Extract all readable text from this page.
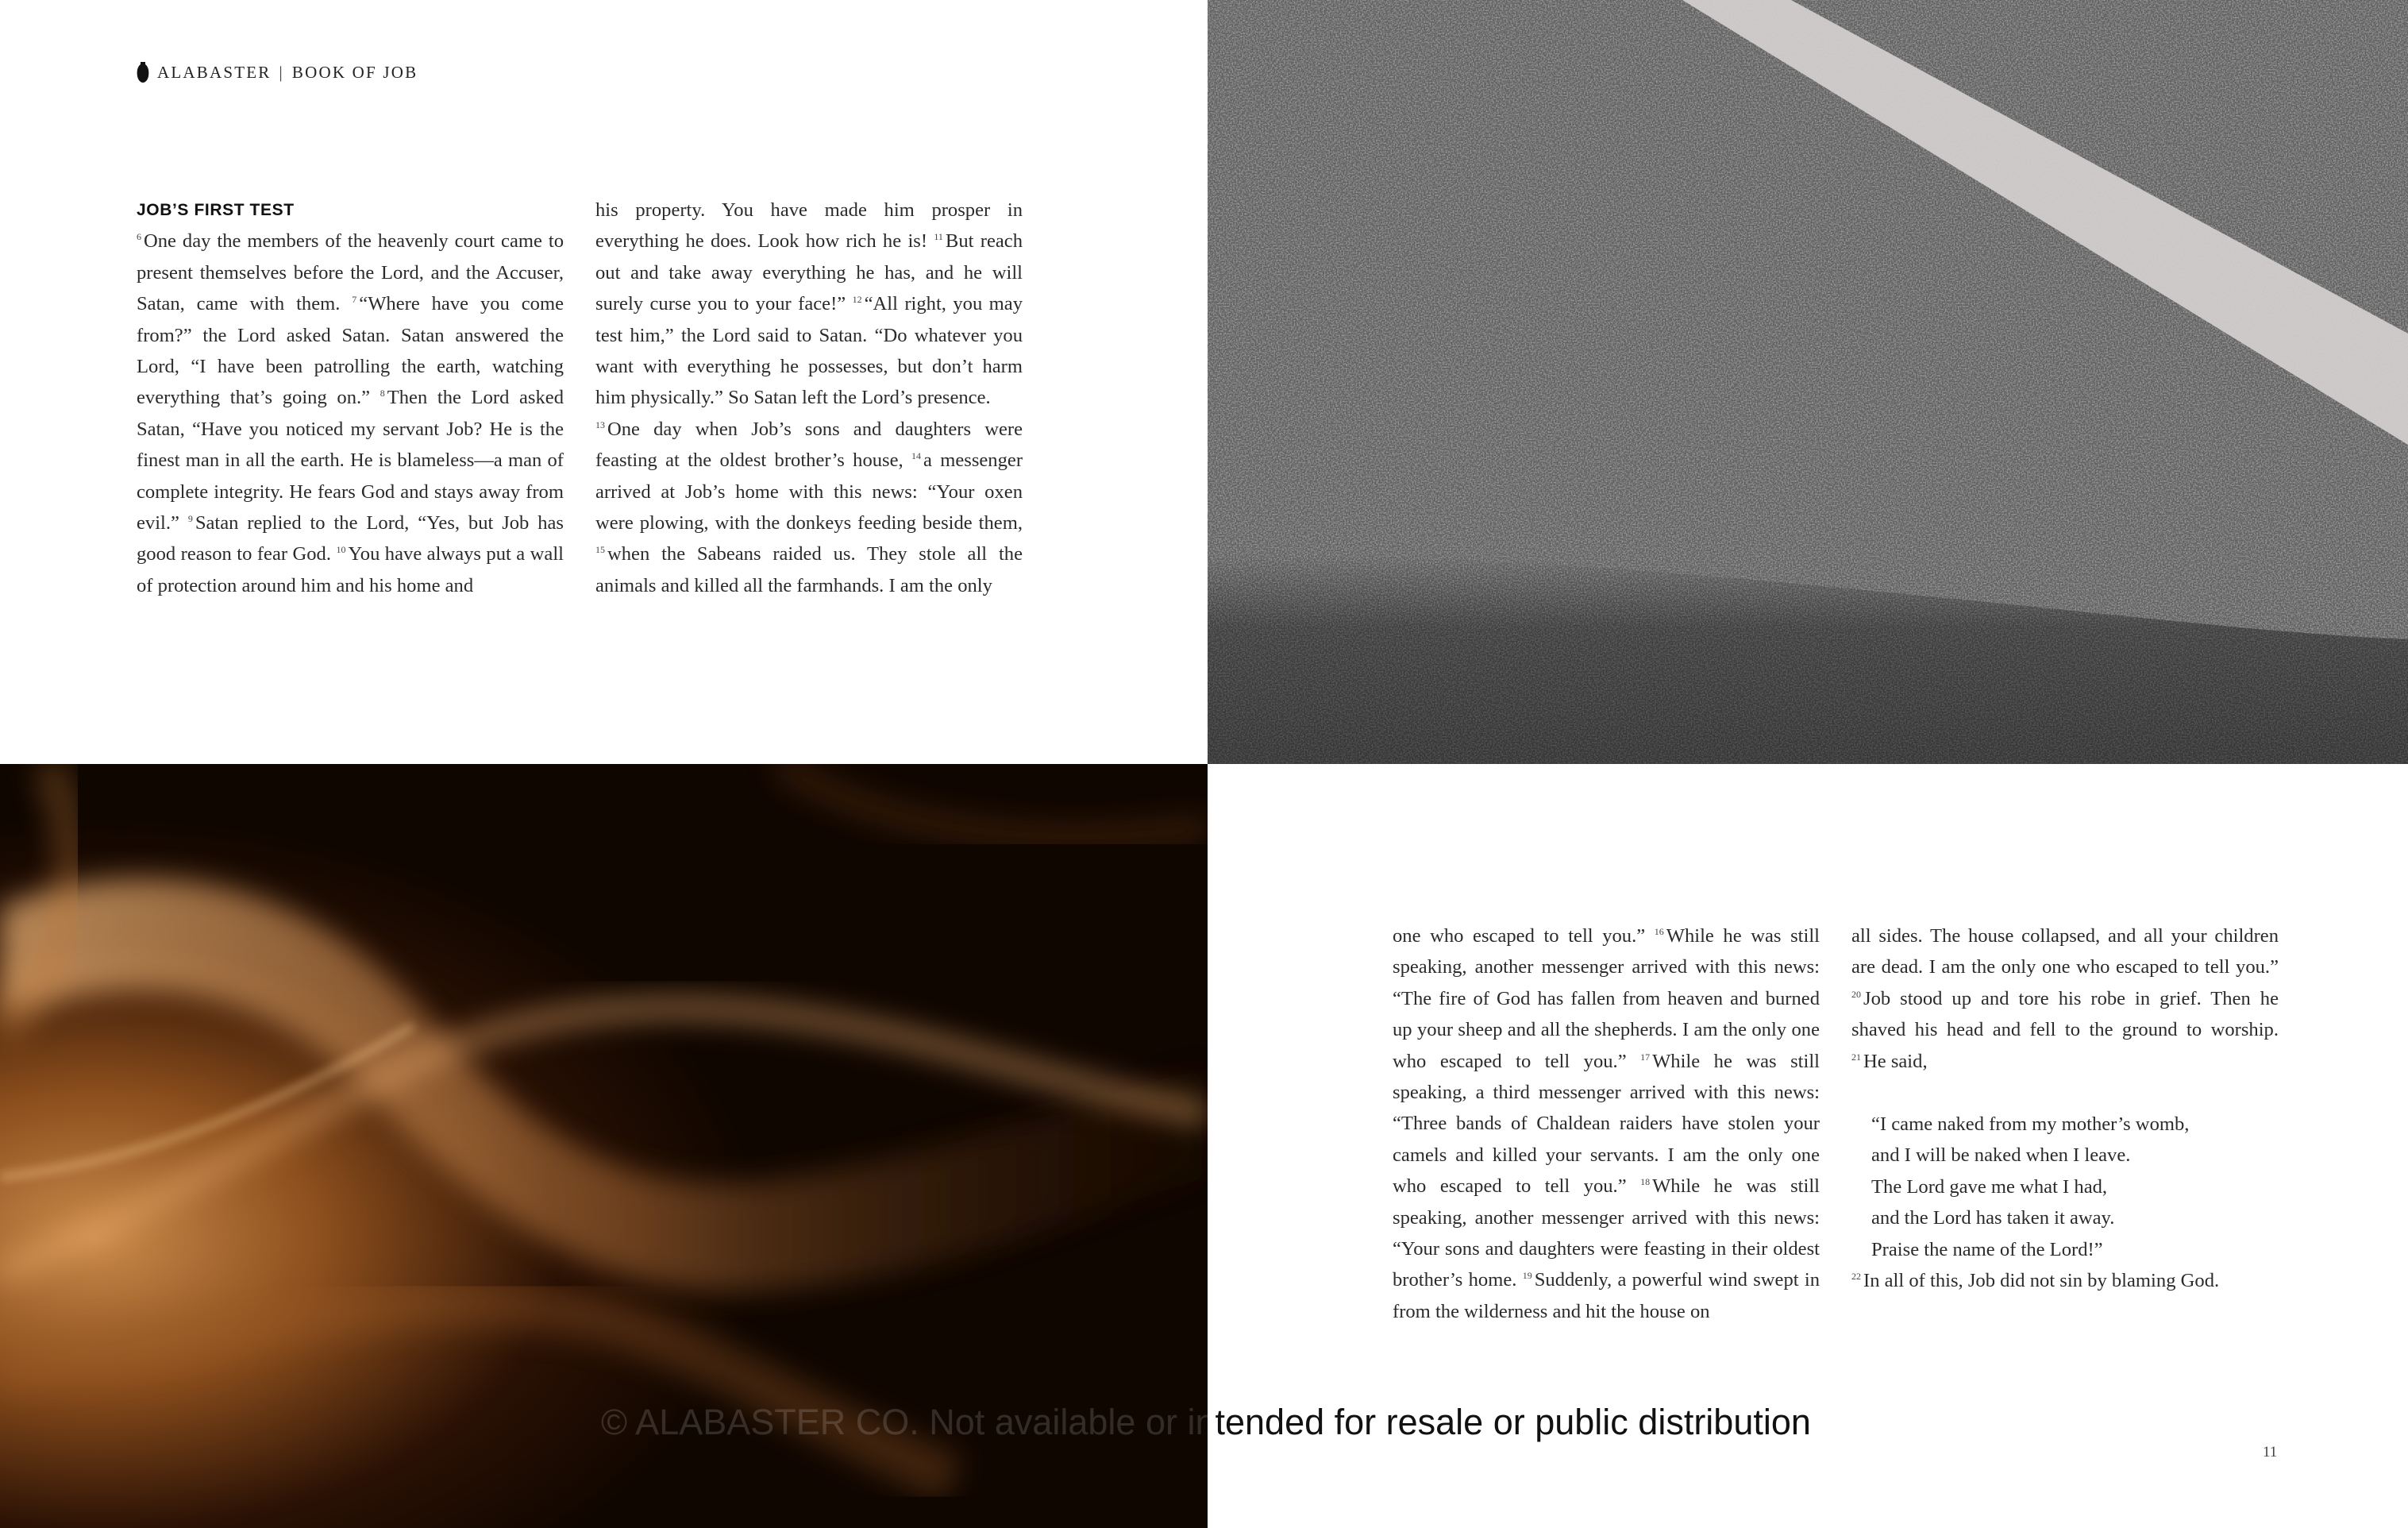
ALABASTER | BOOK OF JOB

JOB’S FIRST TEST

$^6$ One day the members of the heavenly court came to present themselves before the Lord, and the Accuser, Satan, came with them. $^7$ “Where have you come from?” the Lord asked Satan. Satan answered the Lord, “I have been patrolling the earth, watching everything that’s going on.” $^8$ Then the Lord asked Satan, “Have you noticed my servant Job? He is the finest man in all the earth. He is blameless—a man of complete integrity. He fears God and stays away from evil.” $^9$ Satan replied to the Lord, “Yes, but Job has good reason to fear God. $^{10}$ You have always put a wall of protection around him and his home and

his property. You have made him prosper in everything he does. Look how rich he is! $^{11}$ But reach out and take away everything he has, and he will surely curse you to your face!” $^{12}$ “All right, you may test him,” the Lord said to Satan. “Do whatever you want with everything he possesses, but don’t harm him physically.” So Satan left the Lord’s presence.

$^{13}$ One day when Job’s sons and daughters were feasting at the oldest brother’s house, $^{14}$ a messenger arrived at Job’s home with this news: “Your oxen were plowing, with the donkeys feeding beside them, $^{15}$ when the Sabeans raided us. They stole all the animals and killed all the farmhands. I am the only

one who escaped to tell you.” $^{16}$ While he was still speaking, another messenger arrived with this news: “The fire of God has fallen from heaven and burned up your sheep and all the shepherds. I am the only one who escaped to tell you.” $^{17}$ While he was still speaking, a third messenger arrived with this news: “Three bands of Chaldean raiders have stolen your camels and killed your servants. I am the only one who escaped to tell you.” $^{18}$ While he was still speaking, another messenger arrived with this news: “Your sons and daughters were feasting in their oldest brother’s home. $^{19}$ Suddenly, a powerful wind swept in from the wilderness and hit the house on

all sides. The house collapsed, and all your children are dead. I am the only one who escaped to tell you.” $^{20}$ Job stood up and tore his robe in grief. Then he shaved his head and fell to the ground to worship. $^{21}$ He said,

“I came naked from my mother’s womb,
and I will be naked when I leave.
The Lord gave me what I had,
and the Lord has taken it away.
Praise the name of the Lord!”

$^{22}$ In all of this, Job did not sin by blaming God.

© ALABASTER CO. Not available or intended for resale or public distribution
11
